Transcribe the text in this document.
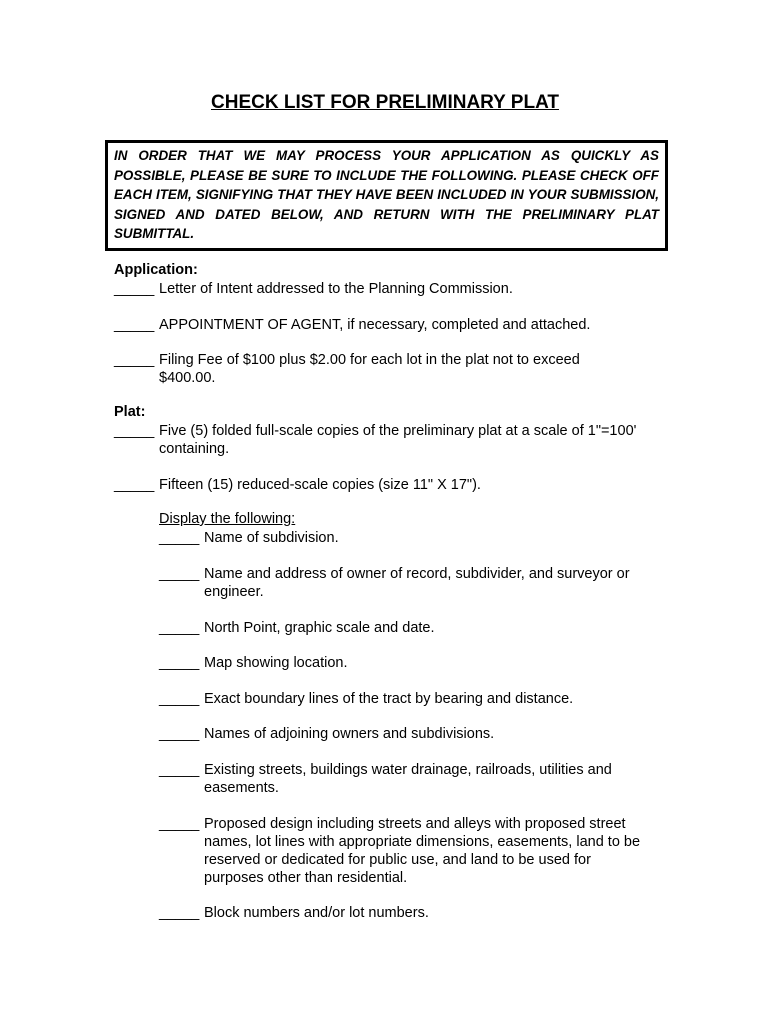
CHECK LIST FOR PRELIMINARY PLAT
IN ORDER THAT WE MAY PROCESS YOUR APPLICATION AS QUICKLY AS POSSIBLE, PLEASE BE SURE TO INCLUDE THE FOLLOWING. PLEASE CHECK OFF EACH ITEM, SIGNIFYING THAT THEY HAVE BEEN INCLUDED IN YOUR SUBMISSION, SIGNED AND DATED BELOW, AND RETURN WITH THE PRELIMINARY PLAT SUBMITTAL.
Application:
_____ Letter of Intent addressed to the Planning Commission.
_____ APPOINTMENT OF AGENT, if necessary, completed and attached.
_____ Filing Fee of $100 plus $2.00 for each lot in the plat not to exceed $400.00.
Plat:
_____ Five (5) folded full-scale copies of the preliminary plat at a scale of 1"=100' containing.
_____ Fifteen (15) reduced-scale copies (size 11" X 17").
Display the following:
_____ Name of subdivision.
_____ Name and address of owner of record, subdivider, and surveyor or engineer.
_____ North Point, graphic scale and date.
_____ Map showing location.
_____ Exact boundary lines of the tract by bearing and distance.
_____ Names of adjoining owners and subdivisions.
_____ Existing streets, buildings water drainage, railroads, utilities and easements.
_____ Proposed design including streets and alleys with proposed street names, lot lines with appropriate dimensions, easements, land to be reserved or dedicated for public use, and land to be used for purposes other than residential.
_____ Block numbers and/or lot numbers.
